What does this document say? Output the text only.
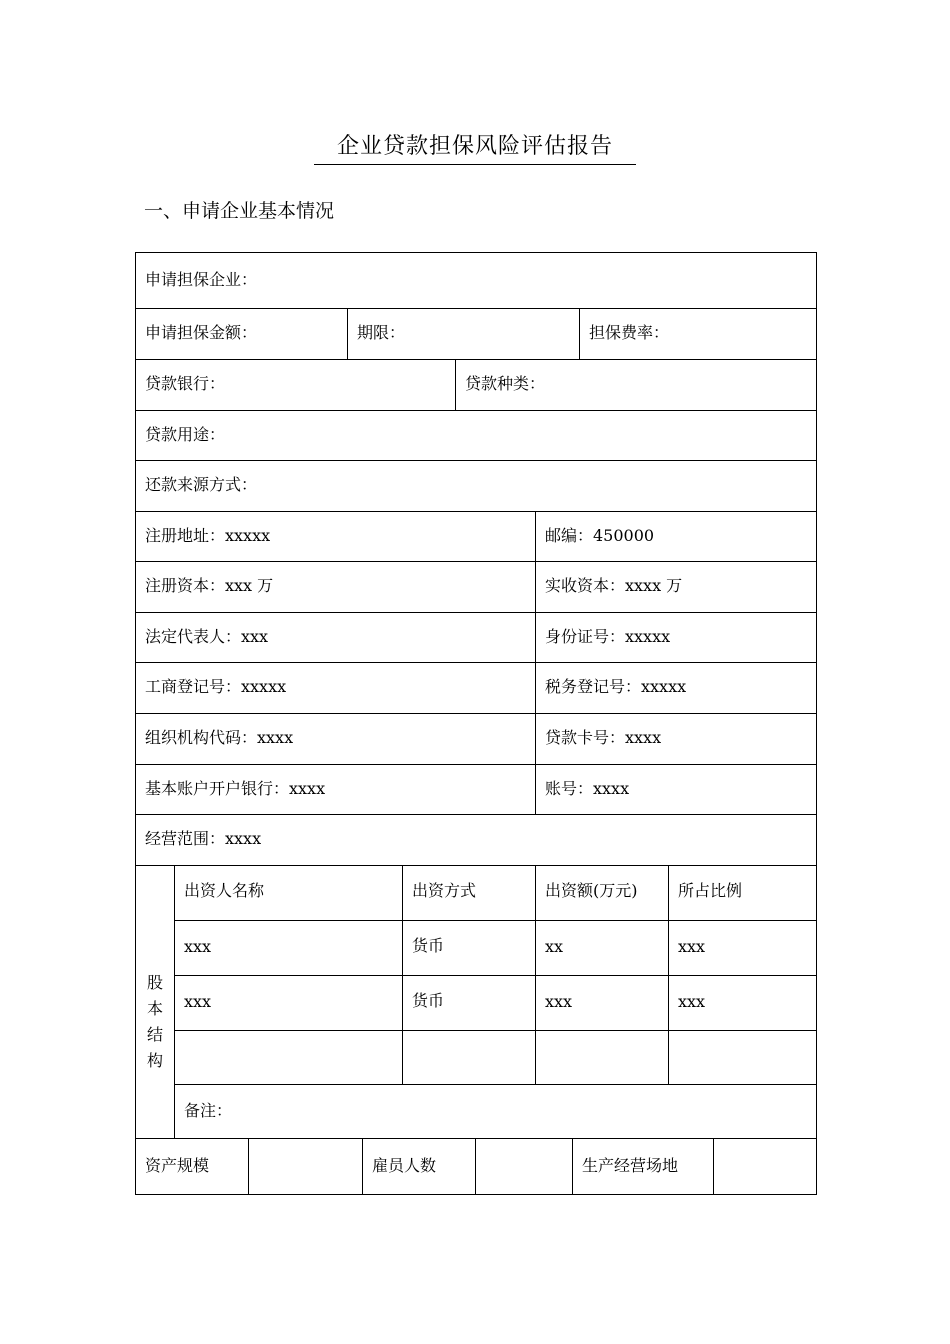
企业贷款担保风险评估报告
一、申请企业基本情况
申请担保企业：
申请担保金额：	期限：	担保费率：
贷款银行：	贷款种类：
贷款用途：
还款来源方式：
注册地址：xxxxx	邮编：450000
注册资本：xxx 万	实收资本：xxxx 万
法定代表人：xxx	身份证号：xxxxx
工商登记号：xxxxx	税务登记号：xxxxx
组织机构代码：xxxx	贷款卡号：xxxx
基本账户开户银行：xxxx	账号：xxxx
经营范围：xxxx
股
本
结
构
出资人名称	出资方式	出资额(万元)	所占比例
xxx	货币	xx	xxx
xxx	货币	xxx	xxx
备注：
资产规模	雇员人数	生产经营场地
